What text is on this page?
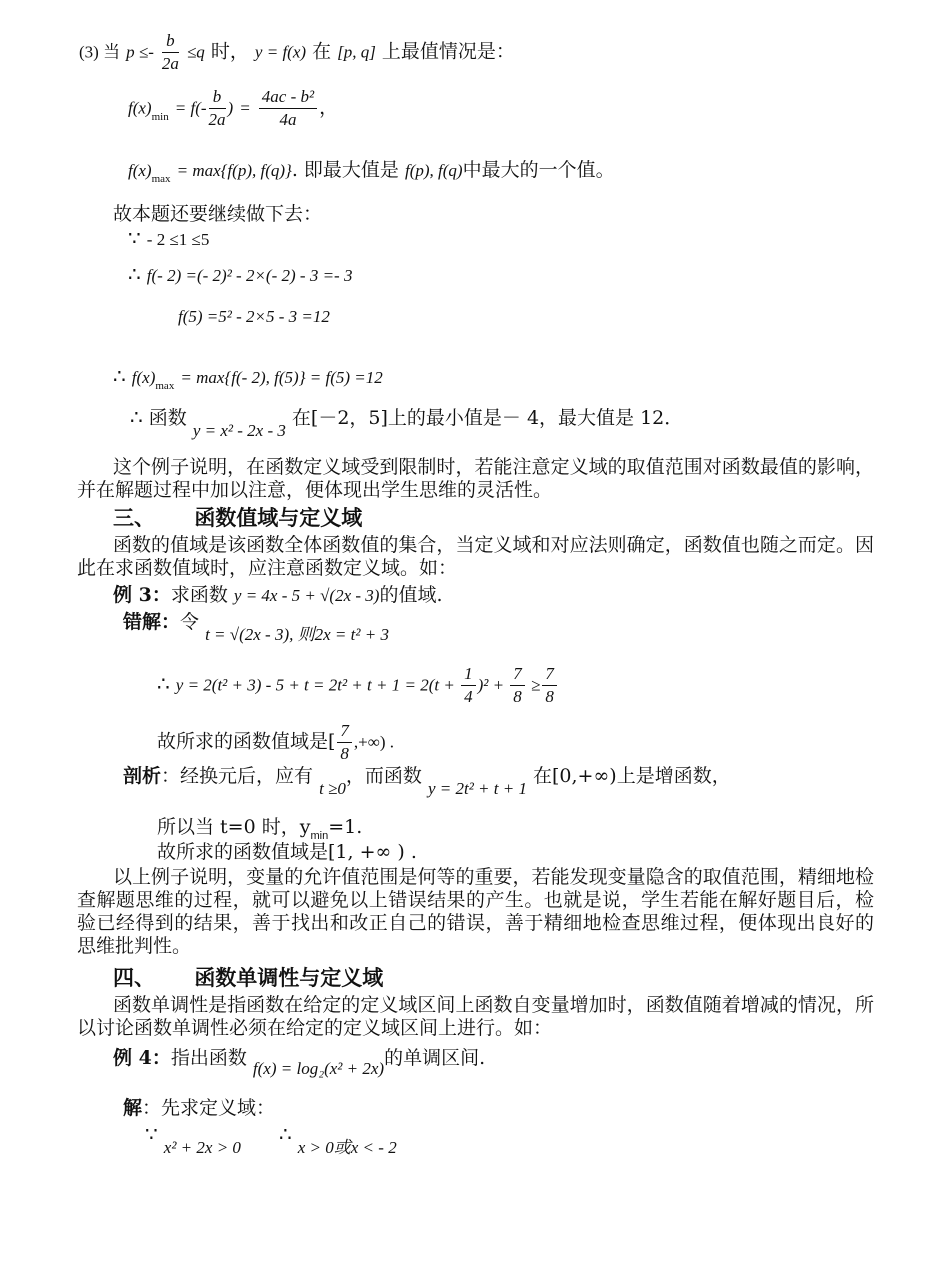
(3) 当 $p \le- \frac{b}{2a} \le q$ 时， y = f(x) 在 [p, q] 上最值情况是：
$f(x)_{min} = f(- \frac{b}{2a}$ ) = $\frac{\text{4ac - b²}}{4a}$ ，
$f(x)_{max} = \max\{f(p)$, f(q)}. 即最大值是 f(p), f(q)中最大的一个值。
故本题还要继续做下去：
∵ - 2 ≤1 ≤5
∴ f(- 2) =(- 2)² - 2×(- 2) - 3 =- 3
f(5) =5² - 2×5 - 3 =12
∴ $f(x)_{max} = \max\{f(-$ 2), f(5)} = f(5) =12
∴ 函数 y = x² - 2x - 3 在[－2，5]上的最小值是－ 4，最大值是 12．
这个例子说明，在函数定义域受到限制时，若能注意定义域的取值范围对函数最值的影响，并在解题过程中加以注意，便体现出学生思维的灵活性。
三、 函数值域与定义域
函数的值域是该函数全体函数值的集合，当定义域和对应法则确定，函数值也随之而定。因此在求函数值域时，应注意函数定义域。如：
例 3：求函数 y = 4x - 5 + √(2x - 3)的值域.
错解：令 t = √(2x - 3), 则2x = t² + 3
∴ $y = 2(t^2 + 3) - 5 + t = 2t^2 + t + 1 = 2(t + \frac{1}{4} )^2 + \frac{7}{8} \ge \frac{7}{8}$
故所求的函数值域是[ $\frac{7}{8}$ ,+∞) .
剖析：经换元后，应有 t ≥0，而函数 y = 2t² + t + 1 在[0,+∞)上是增函数，
所以当 t=0 时，$y_{min}=1$.
故所求的函数值域是[1, +∞ ) .
以上例子说明，变量的允许值范围是何等的重要，若能发现变量隐含的取值范围，精细地检查解题思维的过程，就可以避免以上错误结果的产生。也就是说，学生若能在解好题目后，检验已经得到的结果，善于找出和改正自己的错误，善于精细地检查思维过程，便体现出良好的思维批判性。
四、 函数单调性与定义域
函数单调性是指函数在给定的定义域区间上函数自变量增加时，函数值随着增减的情况，所以讨论函数单调性必须在给定的定义域区间上进行。如：
例 4：指出函数 f(x) = log₂(x² + 2x)的单调区间.
解：先求定义域：
∵ x² + 2x > 0 ∴ x > 0或x < - 2
